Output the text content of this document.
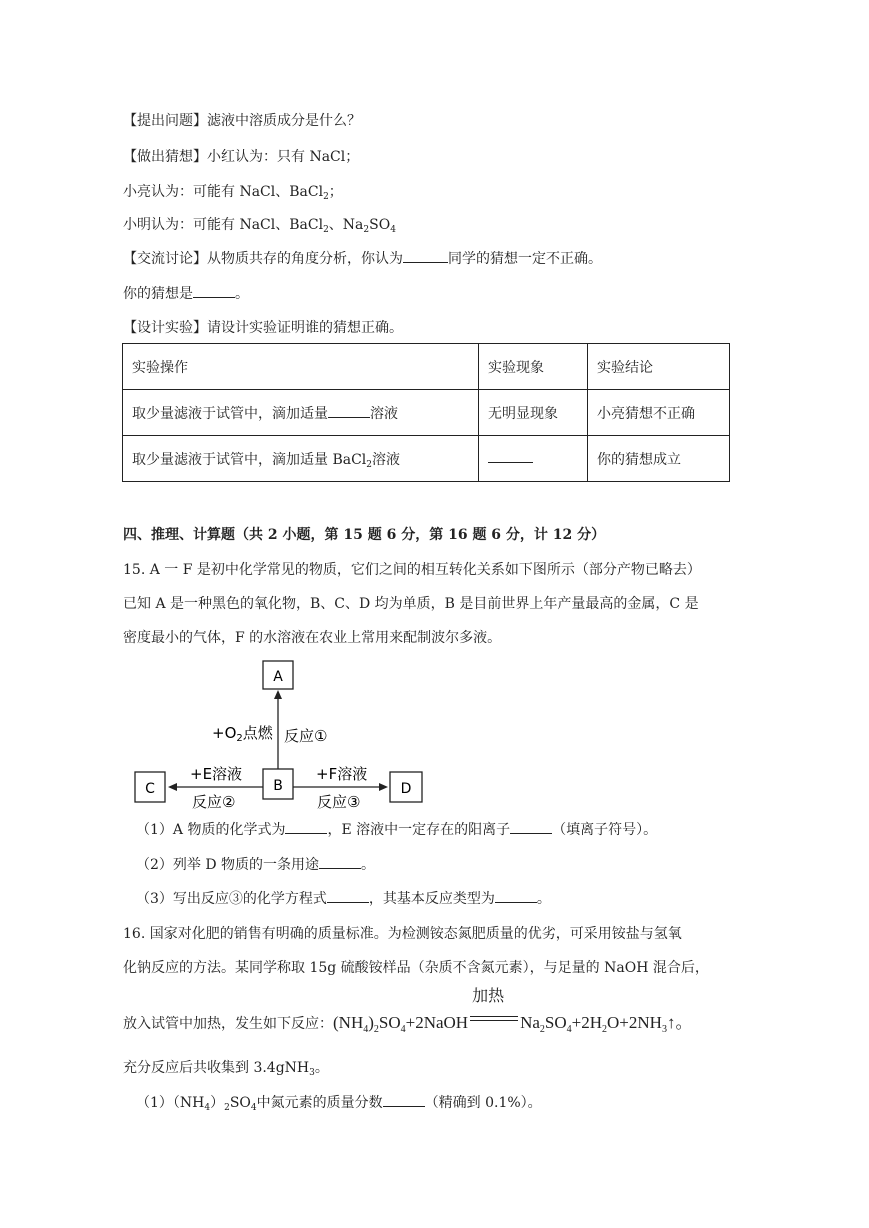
【提出问题】滤液中溶质成分是什么？
【做出猜想】小红认为：只有 NaCl；
小亮认为：可能有 NaCl、BaCl$_2$；
小明认为：可能有 NaCl、BaCl$_2$、$Na_2SO_4$
【交流讨论】从物质共存的角度分析，你认为	同学的猜想一定不正确。
你的猜想是	。
【设计实验】请设计实验证明谁的猜想正确。
实验操作	实验现象	实验结论
取少量滤液于试管中，滴加适量 溶液	无明显现象	小亮猜想不正确
取少量滤液于试管中，滴加适量 BaCl$_2$溶液		你的猜想成立
四、推理、计算题（共 2 小题，第 15 题 6 分，第 16 题 6 分，计 12 分）
15. A 一 F 是初中化学常见的物质，它们之间的相互转化关系如下图所示（部分产物已略去）
已知 A 是一种黑色的氧化物，B、C、D 均为单质，B 是目前世界上年产量最高的金属，C 是
密度最小的气体，F 的水溶液在农业上常用来配制波尔多液。
A
B
C	D
$+O_2$点燃 反应①
+E溶液
反应②
+F溶液
反应③
（1）A 物质的化学式为	，E 溶液中一定存在的阳离子	（填离子符号）。
（2）列举 D 物质的一条用途	。
（3）写出反应③的化学方程式	，其基本反应类型为	。
16. 国家对化肥的销售有明确的质量标准。为检测铵态氮肥质量的优劣，可采用铵盐与氢氧
化钠反应的方法。某同学称取 15g 硫酸铵样品（杂质不含氮元素），与足量的 NaOH 混合后，
放入试管中加热，发生如下反应：$(NH_4)_2SO_4+2NaOH$
加热
$Na_2SO_4+2H_2O+2NH_3↑$。
充分反应后共收集到 3.4gNH$_3$。
$(1)(NH_4)_2SO_4$中氮元素的质量分数	（精确到 0.1%）。
